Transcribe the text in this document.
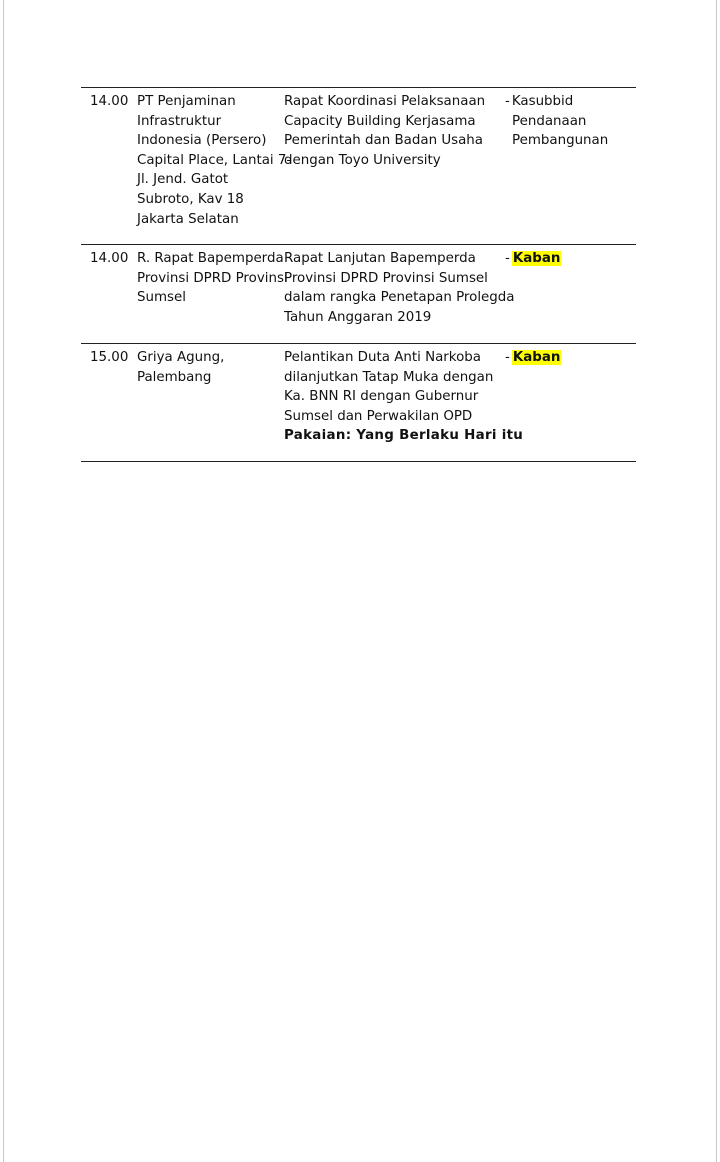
14.00 PT Penjaminan
Infrastruktur
Indonesia (Persero)
Capital Place, Lantai 7-
Jl. Jend. Gatot
Subroto, Kav 18
Jakarta Selatan
Rapat Koordinasi Pelaksanaan
Capacity Building Kerjasama
Pemerintah dan Badan Usaha
dengan Toyo University
- Kasubbid
Pendanaan
Pembangunan
14.00 R. Rapat Bapemperda
Provinsi DPRD Provinsi
Sumsel
Rapat Lanjutan Bapemperda
Provinsi DPRD Provinsi Sumsel
dalam rangka Penetapan Prolegda
Tahun Anggaran 2019
- Kaban
15.00 Griya Agung,
Palembang
Pelantikan Duta Anti Narkoba
dilanjutkan Tatap Muka dengan
Ka. BNN RI dengan Gubernur
Sumsel dan Perwakilan OPD
Pakaian: Yang Berlaku Hari itu
- Kaban
